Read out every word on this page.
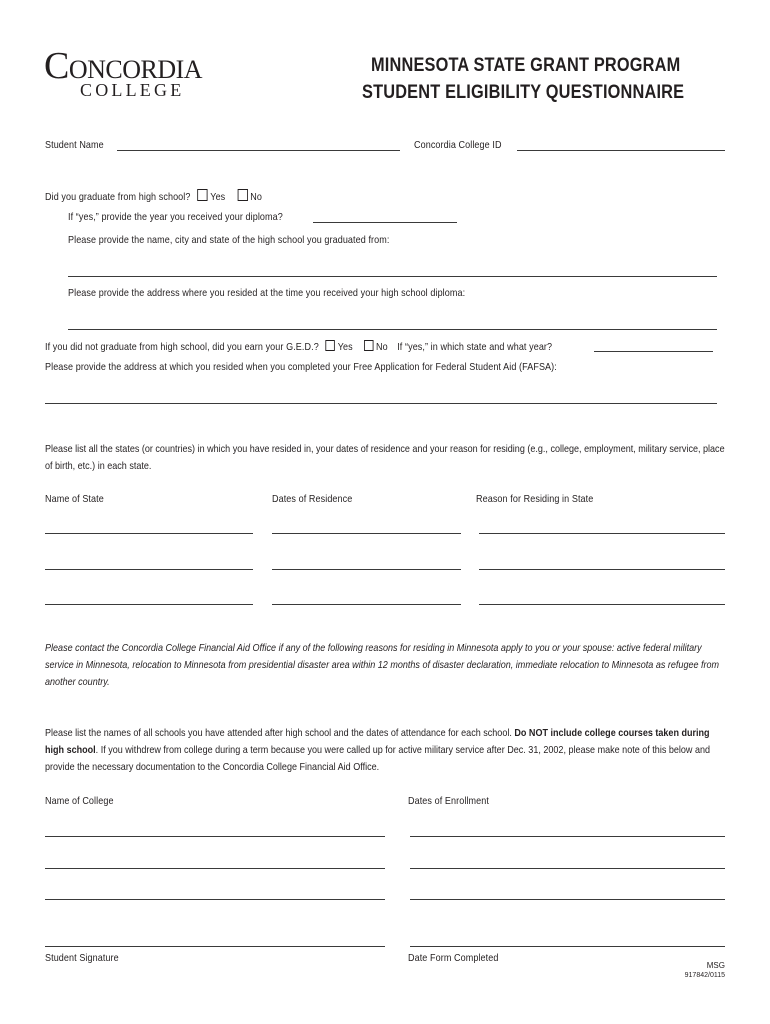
CONCORDIA
COLLEGE
MINNESOTA STATE GRANT PROGRAM
STUDENT ELIGIBILITY QUESTIONNAIRE
Student Name	Concordia College ID
Did you graduate from high school? Yes No
If “yes,” provide the year you received your diploma?
Please provide the name, city and state of the high school you graduated from:
Please provide the address where you resided at the time you received your high school diploma:
If you did not graduate from high school, did you earn your G.E.D.? Yes No If “yes,” in which state and what year?
Please provide the address at which you resided when you completed your Free Application for Federal Student Aid (FAFSA):
Please list all the states (or countries) in which you have resided in, your dates of residence and your reason for residing (e.g., college, employment, military service, place of birth, etc.) in each state.
Name of State	Dates of Residence	Reason for Residing in State
Please contact the Concordia College Financial Aid Office if any of the following reasons for residing in Minnesota apply to you or your spouse: active federal military service in Minnesota, relocation to Minnesota from presidential disaster area within 12 months of disaster declaration, immediate relocation to Minnesota as refugee from another country.
Please list the names of all schools you have attended after high school and the dates of attendance for each school. Do NOT include college courses taken during high school. If you withdrew from college during a term because you were called up for active military service after Dec. 31, 2002, please make note of this below and provide the necessary documentation to the Concordia College Financial Aid Office.
Name of College	Dates of Enrollment
Student Signature	Date Form Completed
MSG
917842/0115
